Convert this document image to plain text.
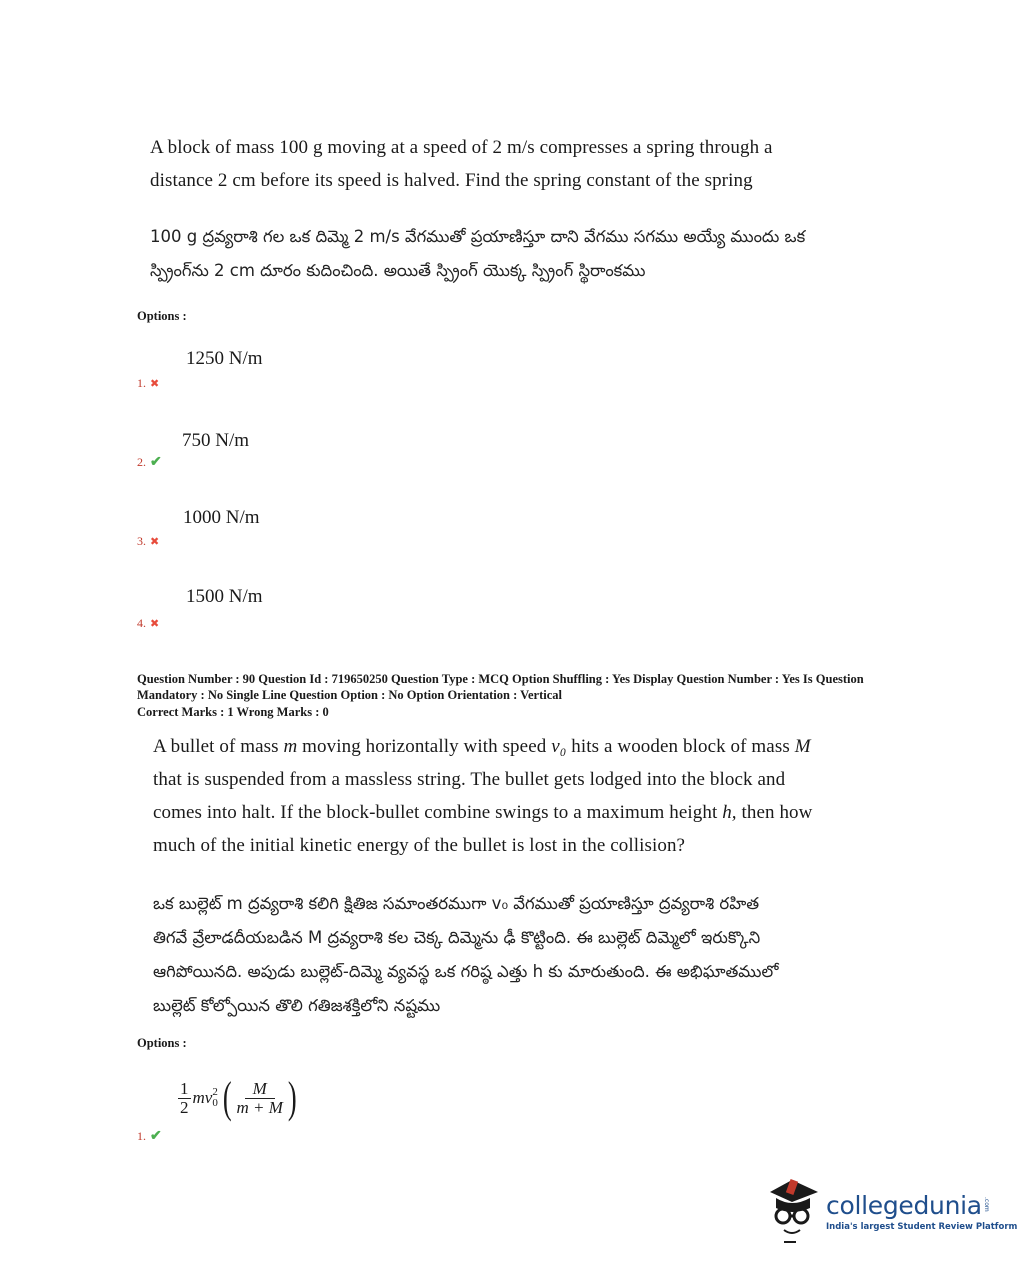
A block of mass 100 g moving at a speed of 2 m/s compresses a spring through a
distance 2 cm before its speed is halved. Find the spring constant of the spring
100 g ద్రవ్యరాశి గల ఒక దిమ్మె 2 m/s వేగముతో ప్రయాణిస్తూ దాని వేగము సగము అయ్యే ముందు ఒక
స్ప్రింగ్‌ను 2 cm దూరం కుదించింది. అయితే స్ప్రింగ్ యొక్క స్ప్రింగ్ స్థిరాంకము
Options :
1250 N/m
1. ✖
750 N/m
2. ✔
1000 N/m
3. ✖
1500 N/m
4. ✖
Question Number : 90 Question Id : 719650250 Question Type : MCQ Option Shuffling : Yes Display Question Number : Yes Is Question
Mandatory : No Single Line Question Option : No Option Orientation : Vertical
Correct Marks : 1 Wrong Marks : 0
A bullet of mass m moving horizontally with speed v₀ hits a wooden block of mass M
that is suspended from a massless string. The bullet gets lodged into the block and
comes into halt. If the block-bullet combine swings to a maximum height h, then how
much of the initial kinetic energy of the bullet is lost in the collision?
ఒక బుల్లెట్ m ద్రవ్యరాశి కలిగి క్షితిజ సమాంతరముగా v₀ వేగముతో ప్రయాణిస్తూ ద్రవ్యరాశి రహిత
తిగవే వ్రేలాడదీయబడిన M ద్రవ్యరాశి కల చెక్క దిమ్మెను ఢీ కొట్టింది. ఈ బుల్లెట్ దిమ్మెలో ఇరుక్కొని
ఆగిపోయినది. అపుడు బుల్లెట్-దిమ్మె వ్యవస్థ ఒక గరిష్ఠ ఎత్తు h కు మారుతుంది. ఈ అభిఘాతములో
బుల్లెట్ కోల్పోయిన తొలి గతిజశక్తిలోని నష్టము
Options :
$\frac{1}{2}$ mv 2
0 ( $\frac{M}{m + M}$ )
1. ✔
collegedunia .com
India's largest Student Review Platform
